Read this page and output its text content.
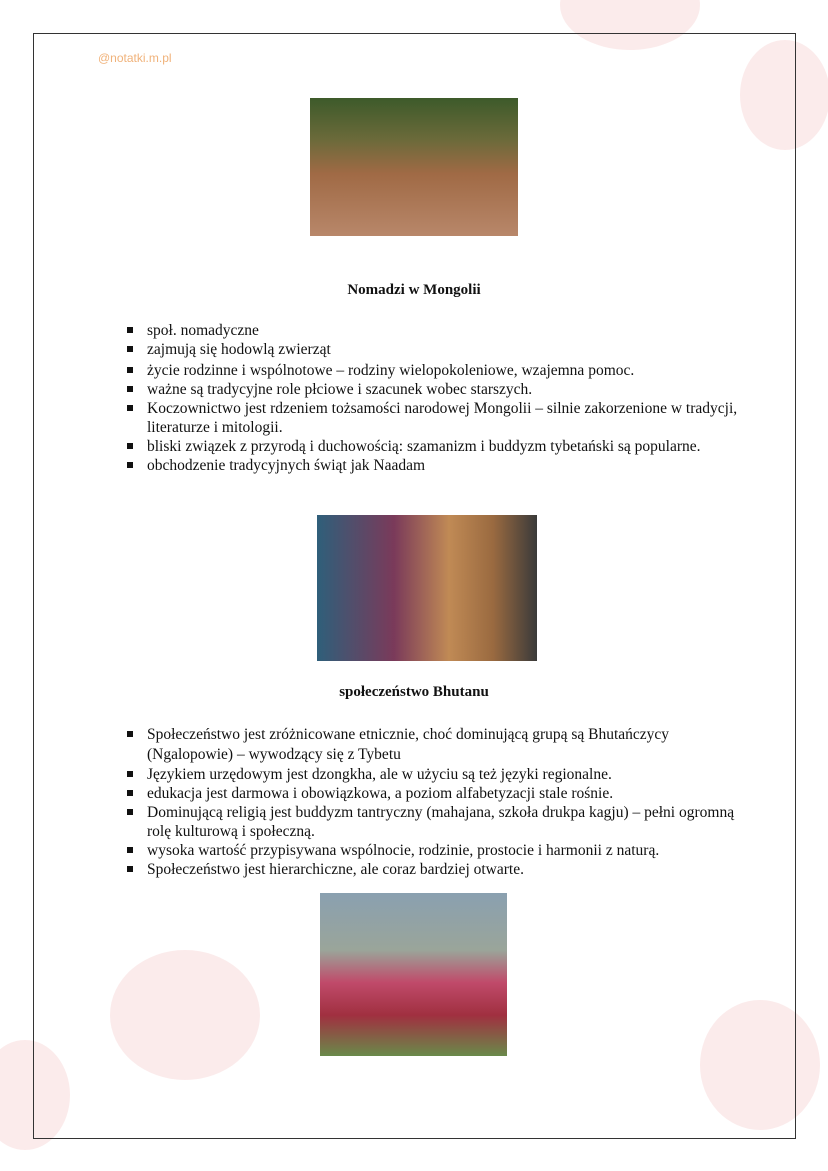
@notatki.m.pl
Nomadzi w Mongolii
społ. nomadyczne
zajmują się hodowlą zwierząt
życie rodzinne i wspólnotowe – rodziny wielopokoleniowe, wzajemna pomoc.
ważne są tradycyjne role płciowe i szacunek wobec starszych.
Koczownictwo jest rdzeniem tożsamości narodowej Mongolii – silnie zakorzenione w tradycji, literaturze i mitologii.
bliski związek z przyrodą i duchowością: szamanizm i buddyzm tybetański są popularne.
obchodzenie tradycyjnych świąt jak Naadam
społeczeństwo Bhutanu
Społeczeństwo jest zróżnicowane etnicznie, choć dominującą grupą są Bhutańczycy (Ngalopowie) – wywodzący się z Tybetu
Językiem urzędowym jest dzongkha, ale w użyciu są też języki regionalne.
edukacja jest darmowa i obowiązkowa, a poziom alfabetyzacji stale rośnie.
Dominującą religią jest buddyzm tantryczny (mahajana, szkoła drukpa kagju) – pełni ogromną rolę kulturową i społeczną.
wysoka wartość przypisywana wspólnocie, rodzinie, prostocie i harmonii z naturą.
Społeczeństwo jest hierarchiczne, ale coraz bardziej otwarte.
